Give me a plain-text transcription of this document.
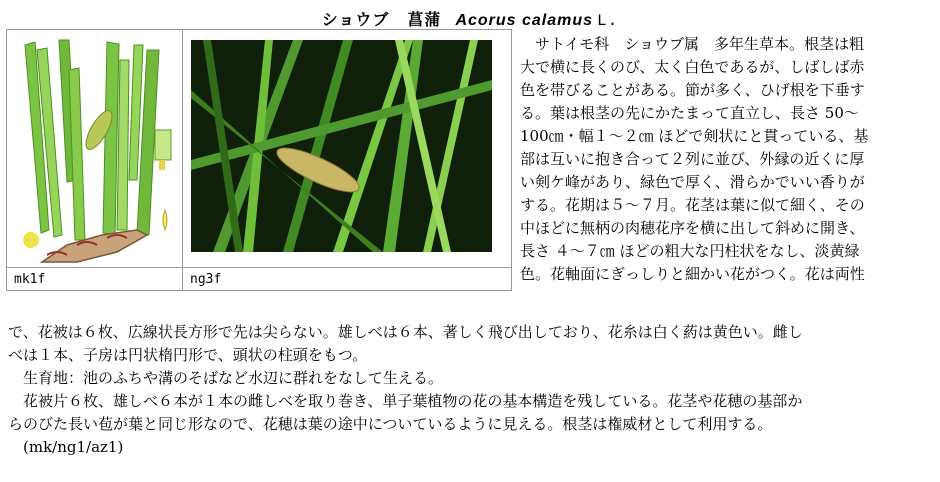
ショウブ 菖蒲 Acorus calamus L.

mk1f	ng3f
　サトイモ科　ショウブ属　多年生草本。根茎は粗
大で横に長くのび、太く白色であるが、しばしば赤
色を帯びることがある。節が多く、ひげ根を下垂す
る。葉は根茎の先にかたまって直立し、長さ 50～
100㎝・幅１～２㎝ ほどで剣状にと貫っている、基
部は互いに抱き合って２列に並び、外縁の近くに厚
い剣ケ峰があり、緑色で厚く、滑らかでいい香りが
する。花期は５～７月。花茎は葉に似て細く、その
中ほどに無柄の肉穂花序を横に出して斜めに開き、
長さ ４～７㎝ ほどの粗大な円柱状をなし、淡黄緑
色。花軸面にぎっしりと細かい花がつく。花は両性
で、花被は６枚、広線状長方形で先は尖らない。雄しべは６本、著しく飛び出しており、花糸は白く葯は黄色い。雌し
べは１本、子房は円状楕円形で、頭状の柱頭をもつ。
　生育地：池のふちや溝のそばなど水辺に群れをなして生える。
　花被片６枚、雄しべ６本が１本の雌しべを取り巻き、単子葉植物の花の基本構造を残している。花茎や花穂の基部か
らのびた長い苞が葉と同じ形なので、花穂は葉の途中についているように見える。根茎は権威材として利用する。
　(mk/ng1/az1)
